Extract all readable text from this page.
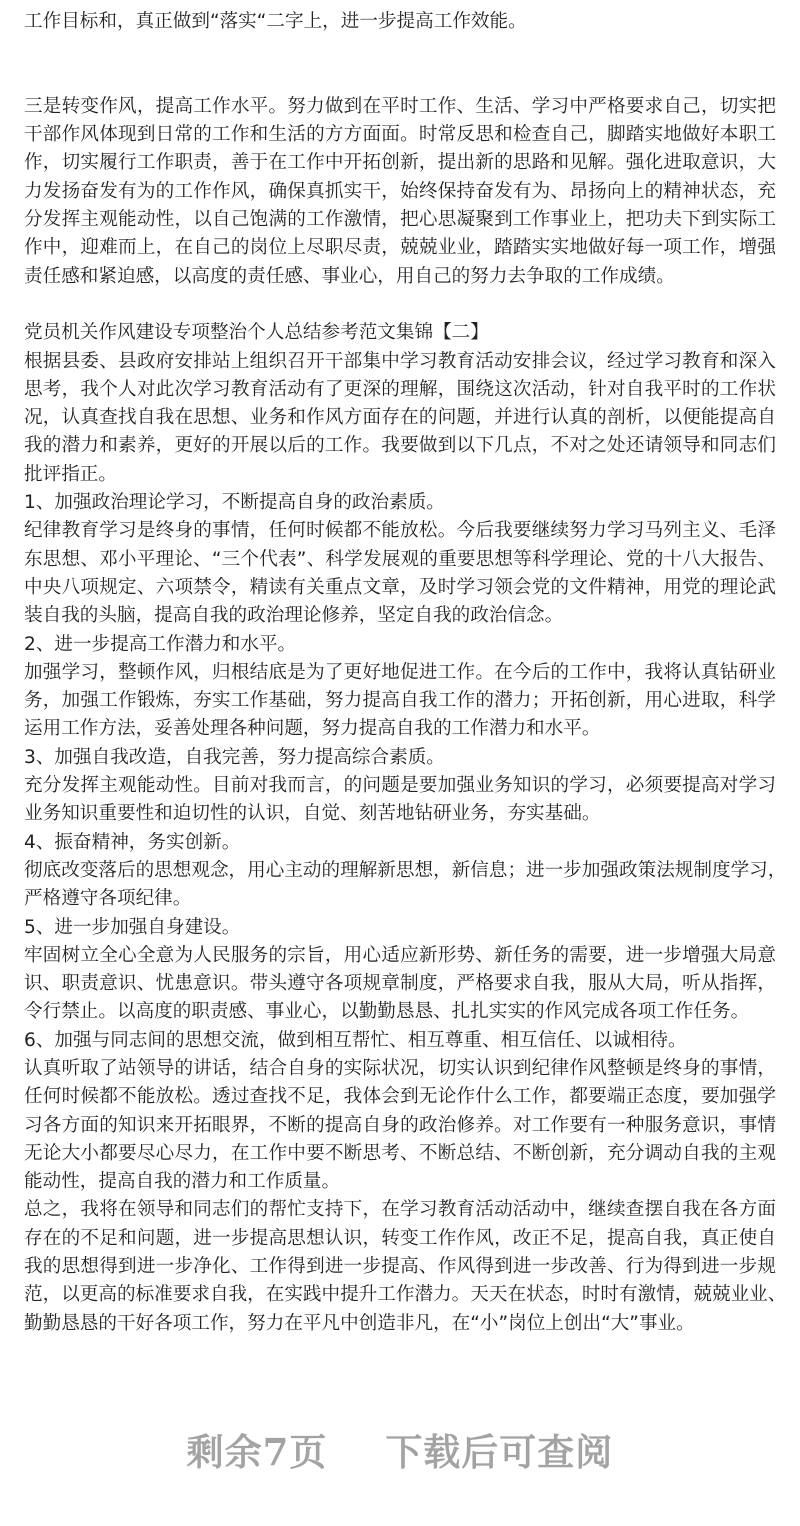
工作目标和，真正做到“落实“二字上，进一步提高工作效能。
三是转变作风，提高工作水平。努力做到在平时工作、生活、学习中严格要求自己，切实把
干部作风体现到日常的工作和生活的方方面面。时常反思和检查自己，脚踏实地做好本职工
作，切实履行工作职责，善于在工作中开拓创新，提出新的思路和见解。强化进取意识，大
力发扬奋发有为的工作作风，确保真抓实干，始终保持奋发有为、昂扬向上的精神状态，充
分发挥主观能动性，以自己饱满的工作激情，把心思凝聚到工作事业上，把功夫下到实际工
作中，迎难而上，在自己的岗位上尽职尽责，兢兢业业，踏踏实实地做好每一项工作，增强
责任感和紧迫感，以高度的责任感、事业心，用自己的努力去争取的工作成绩。
党员机关作风建设专项整治个人总结参考范文集锦【二】
根据县委、县政府安排站上组织召开干部集中学习教育活动安排会议，经过学习教育和深入
思考，我个人对此次学习教育活动有了更深的理解，围绕这次活动，针对自我平时的工作状
况，认真查找自我在思想、业务和作风方面存在的问题，并进行认真的剖析，以便能提高自
我的潜力和素养，更好的开展以后的工作。我要做到以下几点，不对之处还请领导和同志们
批评指正。
1、加强政治理论学习，不断提高自身的政治素质。
纪律教育学习是终身的事情，任何时候都不能放松。今后我要继续努力学习马列主义、毛泽
东思想、邓小平理论、“三个代表”、科学发展观的重要思想等科学理论、党的十八大报告、
中央八项规定、六项禁令，精读有关重点文章，及时学习领会党的文件精神，用党的理论武
装自我的头脑，提高自我的政治理论修养，坚定自我的政治信念。
2、进一步提高工作潜力和水平。
加强学习，整顿作风，归根结底是为了更好地促进工作。在今后的工作中，我将认真钻研业
务，加强工作锻炼，夯实工作基础，努力提高自我工作的潜力；开拓创新，用心进取，科学
运用工作方法，妥善处理各种问题，努力提高自我的工作潜力和水平。
3、加强自我改造，自我完善，努力提高综合素质。
充分发挥主观能动性。目前对我而言，的问题是要加强业务知识的学习，必须要提高对学习
业务知识重要性和迫切性的认识，自觉、刻苦地钻研业务，夯实基础。
4、振奋精神，务实创新。
彻底改变落后的思想观念，用心主动的理解新思想，新信息；进一步加强政策法规制度学习，
严格遵守各项纪律。
5、进一步加强自身建设。
牢固树立全心全意为人民服务的宗旨，用心适应新形势、新任务的需要，进一步增强大局意
识、职责意识、忧患意识。带头遵守各项规章制度，严格要求自我，服从大局，听从指挥，
令行禁止。以高度的职责感、事业心，以勤勤恳恳、扎扎实实的作风完成各项工作任务。
6、加强与同志间的思想交流，做到相互帮忙、相互尊重、相互信任、以诚相待。
认真听取了站领导的讲话，结合自身的实际状况，切实认识到纪律作风整顿是终身的事情，
任何时候都不能放松。透过查找不足，我体会到无论作什么工作，都要端正态度，要加强学
习各方面的知识来开拓眼界，不断的提高自身的政治修养。对工作要有一种服务意识，事情
无论大小都要尽心尽力，在工作中要不断思考、不断总结、不断创新，充分调动自我的主观
能动性，提高自我的潜力和工作质量。
总之，我将在领导和同志们的帮忙支持下，在学习教育活动活动中，继续查摆自我在各方面
存在的不足和问题，进一步提高思想认识，转变工作作风，改正不足，提高自我，真正使自
我的思想得到进一步净化、工作得到进一步提高、作风得到进一步改善、行为得到进一步规
范，以更高的标准要求自我，在实践中提升工作潜力。天天在状态，时时有激情，兢兢业业、
勤勤恳恳的干好各项工作，努力在平凡中创造非凡，在“小”岗位上创出“大”事业。
剩余7页 下载后可查阅
